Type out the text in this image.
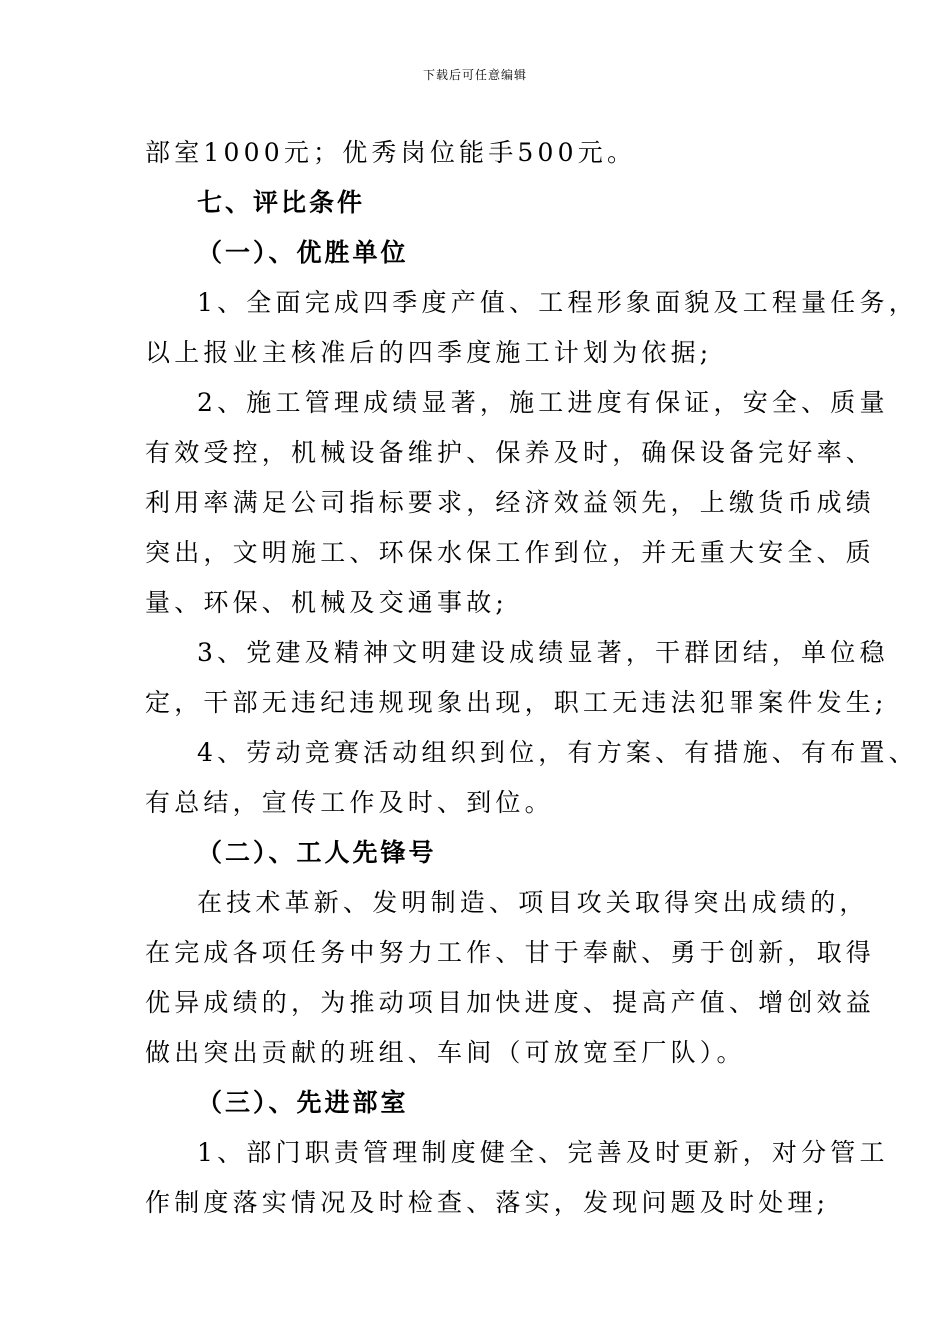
下载后可任意编辑
部室1000元；优秀岗位能手500元。
七、评比条件
（一）、优胜单位
1、全面完成四季度产值、工程形象面貌及工程量任务，
以上报业主核准后的四季度施工计划为依据;
2、施工管理成绩显著，施工进度有保证，安全、质量
有效受控，机械设备维护、保养及时，确保设备完好率、
利用率满足公司指标要求，经济效益领先，上缴货币成绩
突出，文明施工、环保水保工作到位，并无重大安全、质
量、环保、机械及交通事故;
3、党建及精神文明建设成绩显著，干群团结，单位稳
定，干部无违纪违规现象出现，职工无违法犯罪案件发生;
4、劳动竞赛活动组织到位，有方案、有措施、有布置、
有总结，宣传工作及时、到位。
（二）、工人先锋号
在技术革新、发明制造、项目攻关取得突出成绩的，
在完成各项任务中努力工作、甘于奉献、勇于创新，取得
优异成绩的，为推动项目加快进度、提高产值、增创效益
做出突出贡献的班组、车间（可放宽至厂队）。
（三）、先进部室
1、部门职责管理制度健全、完善及时更新，对分管工
作制度落实情况及时检查、落实，发现问题及时处理;
